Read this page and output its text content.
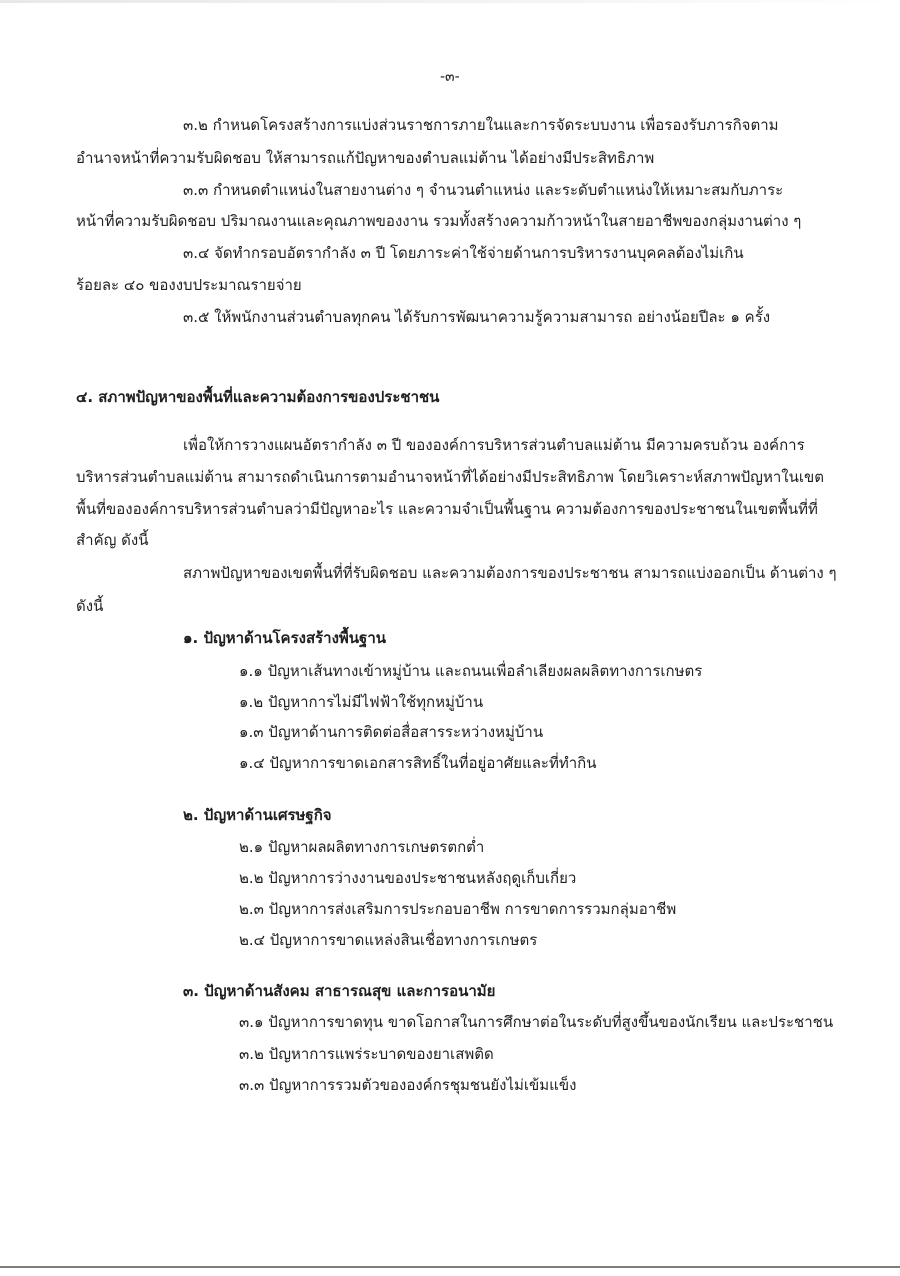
-๓-
๓.๒ กำหนดโครงสร้างการแบ่งส่วนราชการภายในและการจัดระบบงาน เพื่อรองรับภารกิจตาม
อำนาจหน้าที่ความรับผิดชอบ ให้สามารถแก้ปัญหาของตำบลแม่ต้าน ได้อย่างมีประสิทธิภาพ
๓.๓ กำหนดตำแหน่งในสายงานต่าง ๆ จำนวนตำแหน่ง และระดับตำแหน่งให้เหมาะสมกับภาระ
หน้าที่ความรับผิดชอบ ปริมาณงานและคุณภาพของงาน รวมทั้งสร้างความก้าวหน้าในสายอาชีพของกลุ่มงานต่าง ๆ
๓.๔ จัดทำกรอบอัตรากำลัง ๓ ปี โดยภาระค่าใช้จ่ายด้านการบริหารงานบุคคลต้องไม่เกิน
ร้อยละ ๔๐ ของงบประมาณรายจ่าย
๓.๕ ให้พนักงานส่วนตำบลทุกคน ได้รับการพัฒนาความรู้ความสามารถ อย่างน้อยปีละ ๑ ครั้ง
๔. สภาพปัญหาของพื้นที่และความต้องการของประชาชน
เพื่อให้การวางแผนอัตรากำลัง ๓ ปี ขององค์การบริหารส่วนตำบลแม่ต้าน มีความครบถ้วน องค์การ
บริหารส่วนตำบลแม่ต้าน สามารถดำเนินการตามอำนาจหน้าที่ได้อย่างมีประสิทธิภาพ โดยวิเคราะห์สภาพปัญหาในเขต
พื้นที่ขององค์การบริหารส่วนตำบลว่ามีปัญหาอะไร และความจำเป็นพื้นฐาน ความต้องการของประชาชนในเขตพื้นที่ที่
สำคัญ ดังนี้
สภาพปัญหาของเขตพื้นที่ที่รับผิดชอบ และความต้องการของประชาชน สามารถแบ่งออกเป็น ด้านต่าง ๆ
ดังนี้
๑. ปัญหาด้านโครงสร้างพื้นฐาน
๑.๑ ปัญหาเส้นทางเข้าหมู่บ้าน และถนนเพื่อลำเลียงผลผลิตทางการเกษตร
๑.๒ ปัญหาการไม่มีไฟฟ้าใช้ทุกหมู่บ้าน
๑.๓ ปัญหาด้านการติดต่อสื่อสารระหว่างหมู่บ้าน
๑.๔ ปัญหาการขาดเอกสารสิทธิ์ในที่อยู่อาศัยและที่ทำกิน
๒. ปัญหาด้านเศรษฐกิจ
๒.๑ ปัญหาผลผลิตทางการเกษตรตกต่ำ
๒.๒ ปัญหาการว่างงานของประชาชนหลังฤดูเก็บเกี่ยว
๒.๓ ปัญหาการส่งเสริมการประกอบอาชีพ การขาดการรวมกลุ่มอาชีพ
๒.๔ ปัญหาการขาดแหล่งสินเชื่อทางการเกษตร
๓. ปัญหาด้านสังคม สาธารณสุข และการอนามัย
๓.๑ ปัญหาการขาดทุน ขาดโอกาสในการศึกษาต่อในระดับที่สูงขึ้นของนักเรียน และประชาชน
๓.๒ ปัญหาการแพร่ระบาดของยาเสพติด
๓.๓ ปัญหาการรวมตัวขององค์กรชุมชนยังไม่เข้มแข็ง
